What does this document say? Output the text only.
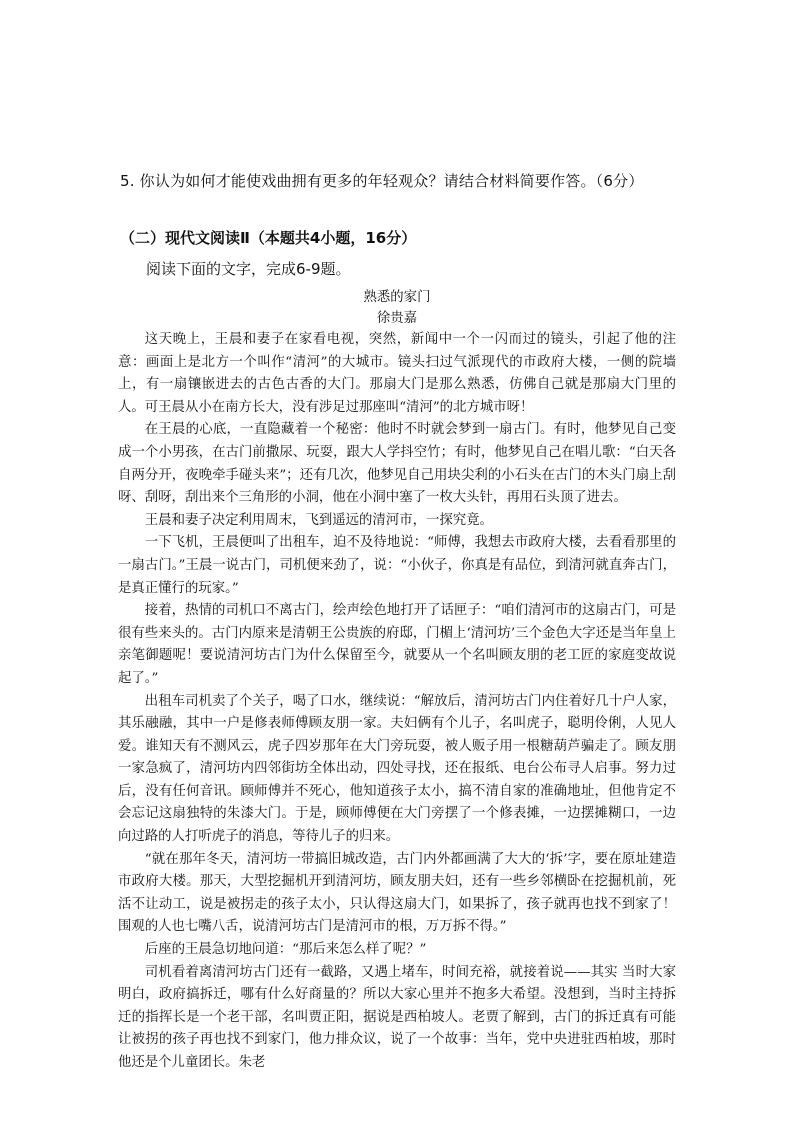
5. 你认为如何才能使戏曲拥有更多的年轻观众？请结合材料简要作答。（6分）
（二）现代文阅读Ⅱ（本题共4小题，16分）
阅读下面的文字，完成6-9题。
熟悉的家门
徐贵嘉

这天晚上，王晨和妻子在家看电视，突然，新闻中一个一闪而过的镜头，引起了他的注意：画面上是北方一个叫作“清河”的大城市。镜头扫过气派现代的市政府大楼，一侧的院墙上，有一扇镶嵌进去的古色古香的大门。那扇大门是那么熟悉，仿佛自己就是那扇大门里的人。可王晨从小在南方长大，没有涉足过那座叫“清河”的北方城市呀！

在王晨的心底，一直隐藏着一个秘密：他时不时就会梦到一扇古门。有时，他梦见自己变成一个小男孩，在古门前撒尿、玩耍，跟大人学抖空竹；有时，他梦见自己在唱儿歌：“白天各自两分开，夜晚牵手碰头来”；还有几次，他梦见自己用块尖利的小石头在古门的木头门扇上刮呀、刮呀，刮出来个三角形的小洞，他在小洞中塞了一枚大头针，再用石头顶了进去。

王晨和妻子决定利用周末，飞到遥远的清河市，一探究竟。

一下飞机，王晨便叫了出租车，迫不及待地说：“师傅，我想去市政府大楼，去看看那里的一扇古门。”王晨一说古门，司机便来劲了，说：“小伙子，你真是有品位，到清河就直奔古门，是真正懂行的玩家。”

接着，热情的司机口不离古门，绘声绘色地打开了话匣子：“咱们清河市的这扇古门，可是很有些来头的。古门内原来是清朝王公贵族的府邸，门楣上‘清河坊’三个金色大字还是当年皇上亲笔御题呢！要说清河坊古门为什么保留至今，就要从一个名叫顾友朋的老工匠的家庭变故说起了。”

出租车司机卖了个关子，喝了口水，继续说：“解放后，清河坊古门内住着好几十户人家，其乐融融，其中一户是修表师傅顾友朋一家。夫妇俩有个儿子，名叫虎子，聪明伶俐，人见人爱。谁知天有不测风云，虎子四岁那年在大门旁玩耍，被人贩子用一根糖葫芦骗走了。顾友朋一家急疯了，清河坊内四邻街坊全体出动，四处寻找，还在报纸、电台公布寻人启事。努力过后，没有任何音讯。顾师傅并不死心，他知道孩子太小，搞不清自家的准确地址，但他肯定不会忘记这扇独特的朱漆大门。于是，顾师傅便在大门旁摆了一个修表摊，一边摆摊糊口，一边向过路的人打听虎子的消息，等待儿子的归来。

“就在那年冬天，清河坊一带搞旧城改造，古门内外都画满了大大的‘拆’字，要在原址建造市政府大楼。那天，大型挖掘机开到清河坊，顾友朋夫妇，还有一些乡邻横卧在挖掘机前，死活不让动工，说是被拐走的孩子太小，只认得这扇大门，如果拆了，孩子就再也找不到家了！围观的人也七嘴八舌，说清河坊古门是清河市的根，万万拆不得。”

后座的王晨急切地问道：“那后来怎么样了呢？”

司机看着离清河坊古门还有一截路，又遇上堵车，时间充裕，就接着说——其实 当时大家明白，政府搞拆迁，哪有什么好商量的？所以大家心里并不抱多大希望。没想到，当时主持拆迁的指挥长是一个老干部，名叫贾正阳，据说是西柏坡人。老贾了解到，古门的拆迁真有可能让被拐的孩子再也找不到家门，他力排众议，说了一个故事：当年，党中央进驻西柏坡，那时他还是个儿童团长。朱老
